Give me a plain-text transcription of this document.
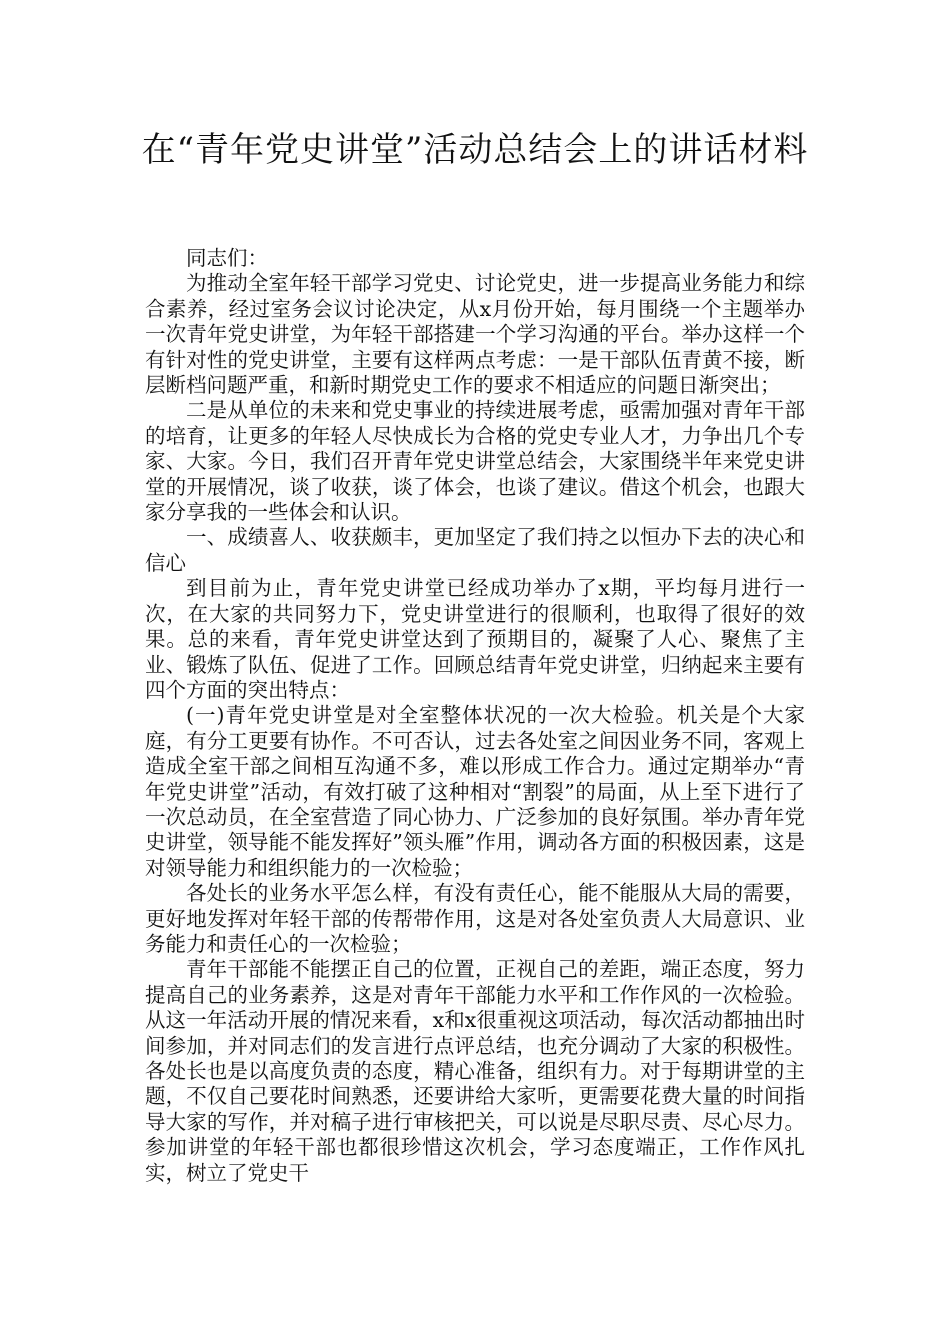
在“青年党史讲堂”活动总结会上的讲话材料

同志们：

为推动全室年轻干部学习党史、讨论党史，进一步提高业务能力和综合素养，经过室务会议讨论决定，从x月份开始，每月围绕一个主题举办一次青年党史讲堂，为年轻干部搭建一个学习沟通的平台。举办这样一个有针对性的党史讲堂，主要有这样两点考虑：一是干部队伍青黄不接，断层断档问题严重，和新时期党史工作的要求不相适应的问题日渐突出；

二是从单位的未来和党史事业的持续进展考虑，亟需加强对青年干部的培育，让更多的年轻人尽快成长为合格的党史专业人才，力争出几个专家、大家。今日，我们召开青年党史讲堂总结会，大家围绕半年来党史讲堂的开展情况，谈了收获，谈了体会，也谈了建议。借这个机会，也跟大家分享我的一些体会和认识。

一、成绩喜人、收获颇丰，更加坚定了我们持之以恒办下去的决心和信心

到目前为止，青年党史讲堂已经成功举办了x期，平均每月进行一次，在大家的共同努力下，党史讲堂进行的很顺利，也取得了很好的效果。总的来看，青年党史讲堂达到了预期目的，凝聚了人心、聚焦了主业、锻炼了队伍、促进了工作。回顾总结青年党史讲堂，归纳起来主要有四个方面的突出特点：

(一)青年党史讲堂是对全室整体状况的一次大检验。机关是个大家庭，有分工更要有协作。不可否认，过去各处室之间因业务不同，客观上造成全室干部之间相互沟通不多，难以形成工作合力。通过定期举办“青年党史讲堂”活动，有效打破了这种相对“割裂”的局面，从上至下进行了一次总动员，在全室营造了同心协力、广泛参加的良好氛围。举办青年党史讲堂，领导能不能发挥好”领头雁”作用，调动各方面的积极因素，这是对领导能力和组织能力的一次检验；

各处长的业务水平怎么样，有没有责任心，能不能服从大局的需要，更好地发挥对年轻干部的传帮带作用，这是对各处室负责人大局意识、业务能力和责任心的一次检验；

青年干部能不能摆正自己的位置，正视自己的差距，端正态度，努力提高自己的业务素养，这是对青年干部能力水平和工作作风的一次检验。从这一年活动开展的情况来看，x和x很重视这项活动，每次活动都抽出时间参加，并对同志们的发言进行点评总结，也充分调动了大家的积极性。各处长也是以高度负责的态度，精心准备，组织有力。对于每期讲堂的主题，不仅自己要花时间熟悉，还要讲给大家听，更需要花费大量的时间指导大家的写作，并对稿子进行审核把关，可以说是尽职尽责、尽心尽力。参加讲堂的年轻干部也都很珍惜这次机会，学习态度端正，工作作风扎实，树立了党史干
